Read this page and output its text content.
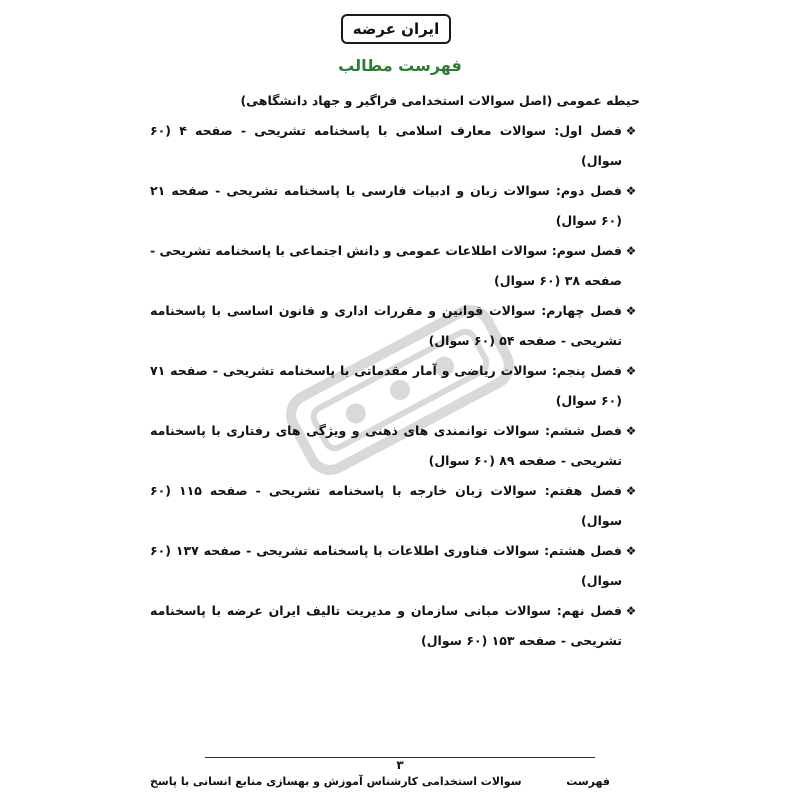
ایران عرضه
فهرست مطالب
حیطه عمومی (اصل سوالات استخدامی فراگیر و جهاد دانشگاهی)
❖
فصل اول: سوالات معارف اسلامی با پاسخنامه تشریحی - صفحه ۴ (۶۰ سوال)
❖
فصل دوم: سوالات زبان و ادبیات فارسی با پاسخنامه تشریحی - صفحه ۲۱ (۶۰ سوال)
❖
فصل سوم: سوالات اطلاعات عمومی و دانش اجتماعی با پاسخنامه تشریحی - صفحه ۳۸ (۶۰ سوال)
❖
فصل چهارم: سوالات قوانین و مقررات اداری و قانون اساسی با پاسخنامه تشریحی - صفحه ۵۴ (۶۰ سوال)
❖
فصل پنجم: سوالات ریاضی و آمار مقدماتی با پاسخنامه تشریحی - صفحه ۷۱ (۶۰ سوال)
❖
فصل ششم: سوالات توانمندی های ذهنی و ویژگی های رفتاری با پاسخنامه تشریحی - صفحه ۸۹ (۶۰ سوال)
❖
فصل هفتم: سوالات زبان خارجه با پاسخنامه تشریحی - صفحه ۱۱۵ (۶۰ سوال)
❖
فصل هشتم: سوالات فناوری اطلاعات با پاسخنامه تشریحی - صفحه ۱۳۷ (۶۰ سوال)
❖
فصل نهم: سوالات مبانی سازمان و مدیریت تالیف ایران عرضه با پاسخنامه تشریحی - صفحه ۱۵۳ (۶۰ سوال)
۳
سوالات استخدامی کارشناس آموزش و بهسازی منابع انسانی با پاسخ	فهرست
